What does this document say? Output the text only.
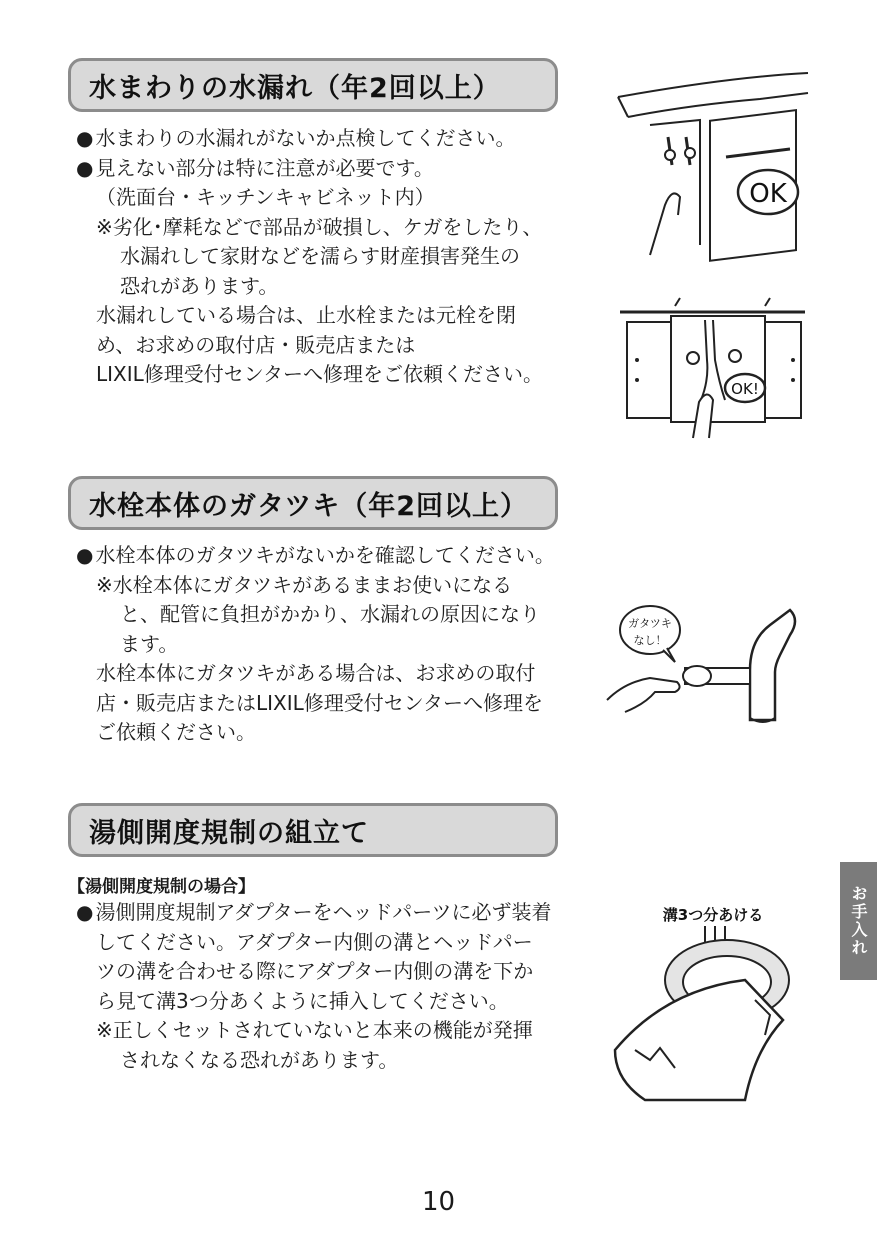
水まわりの水漏れ（年2回以上）
● 水まわりの水漏れがないか点検してください。
● 見えない部分は特に注意が必要です。
（洗面台・キッチンキャビネット内）
※劣化･摩耗などで部品が破損し、ケガをしたり、
水漏れして家財などを濡らす財産損害発生の
恐れがあります。
水漏れしている場合は、止水栓または元栓を閉
め、お求めの取付店・販売店または
LIXIL修理受付センターへ修理をご依頼ください。
OK
OK!
水栓本体のガタツキ（年2回以上）
● 水栓本体のガタツキがないかを確認してください。
※水栓本体にガタツキがあるままお使いになる
と、配管に負担がかかり、水漏れの原因になり
ます。
水栓本体にガタツキがある場合は、お求めの取付
店・販売店またはLIXIL修理受付センターへ修理を
ご依頼ください。
ガタツキ
なし！
湯側開度規制の組立て
【湯側開度規制の場合】
● 湯側開度規制アダプターをヘッドパーツに必ず装着
してください。アダプター内側の溝とヘッドパー
ツの溝を合わせる際にアダプター内側の溝を下か
ら見て溝3つ分あくように挿入してください。
※正しくセットされていないと本来の機能が発揮
されなくなる恐れがあります。
溝3つ分あける	お手入れ
10
